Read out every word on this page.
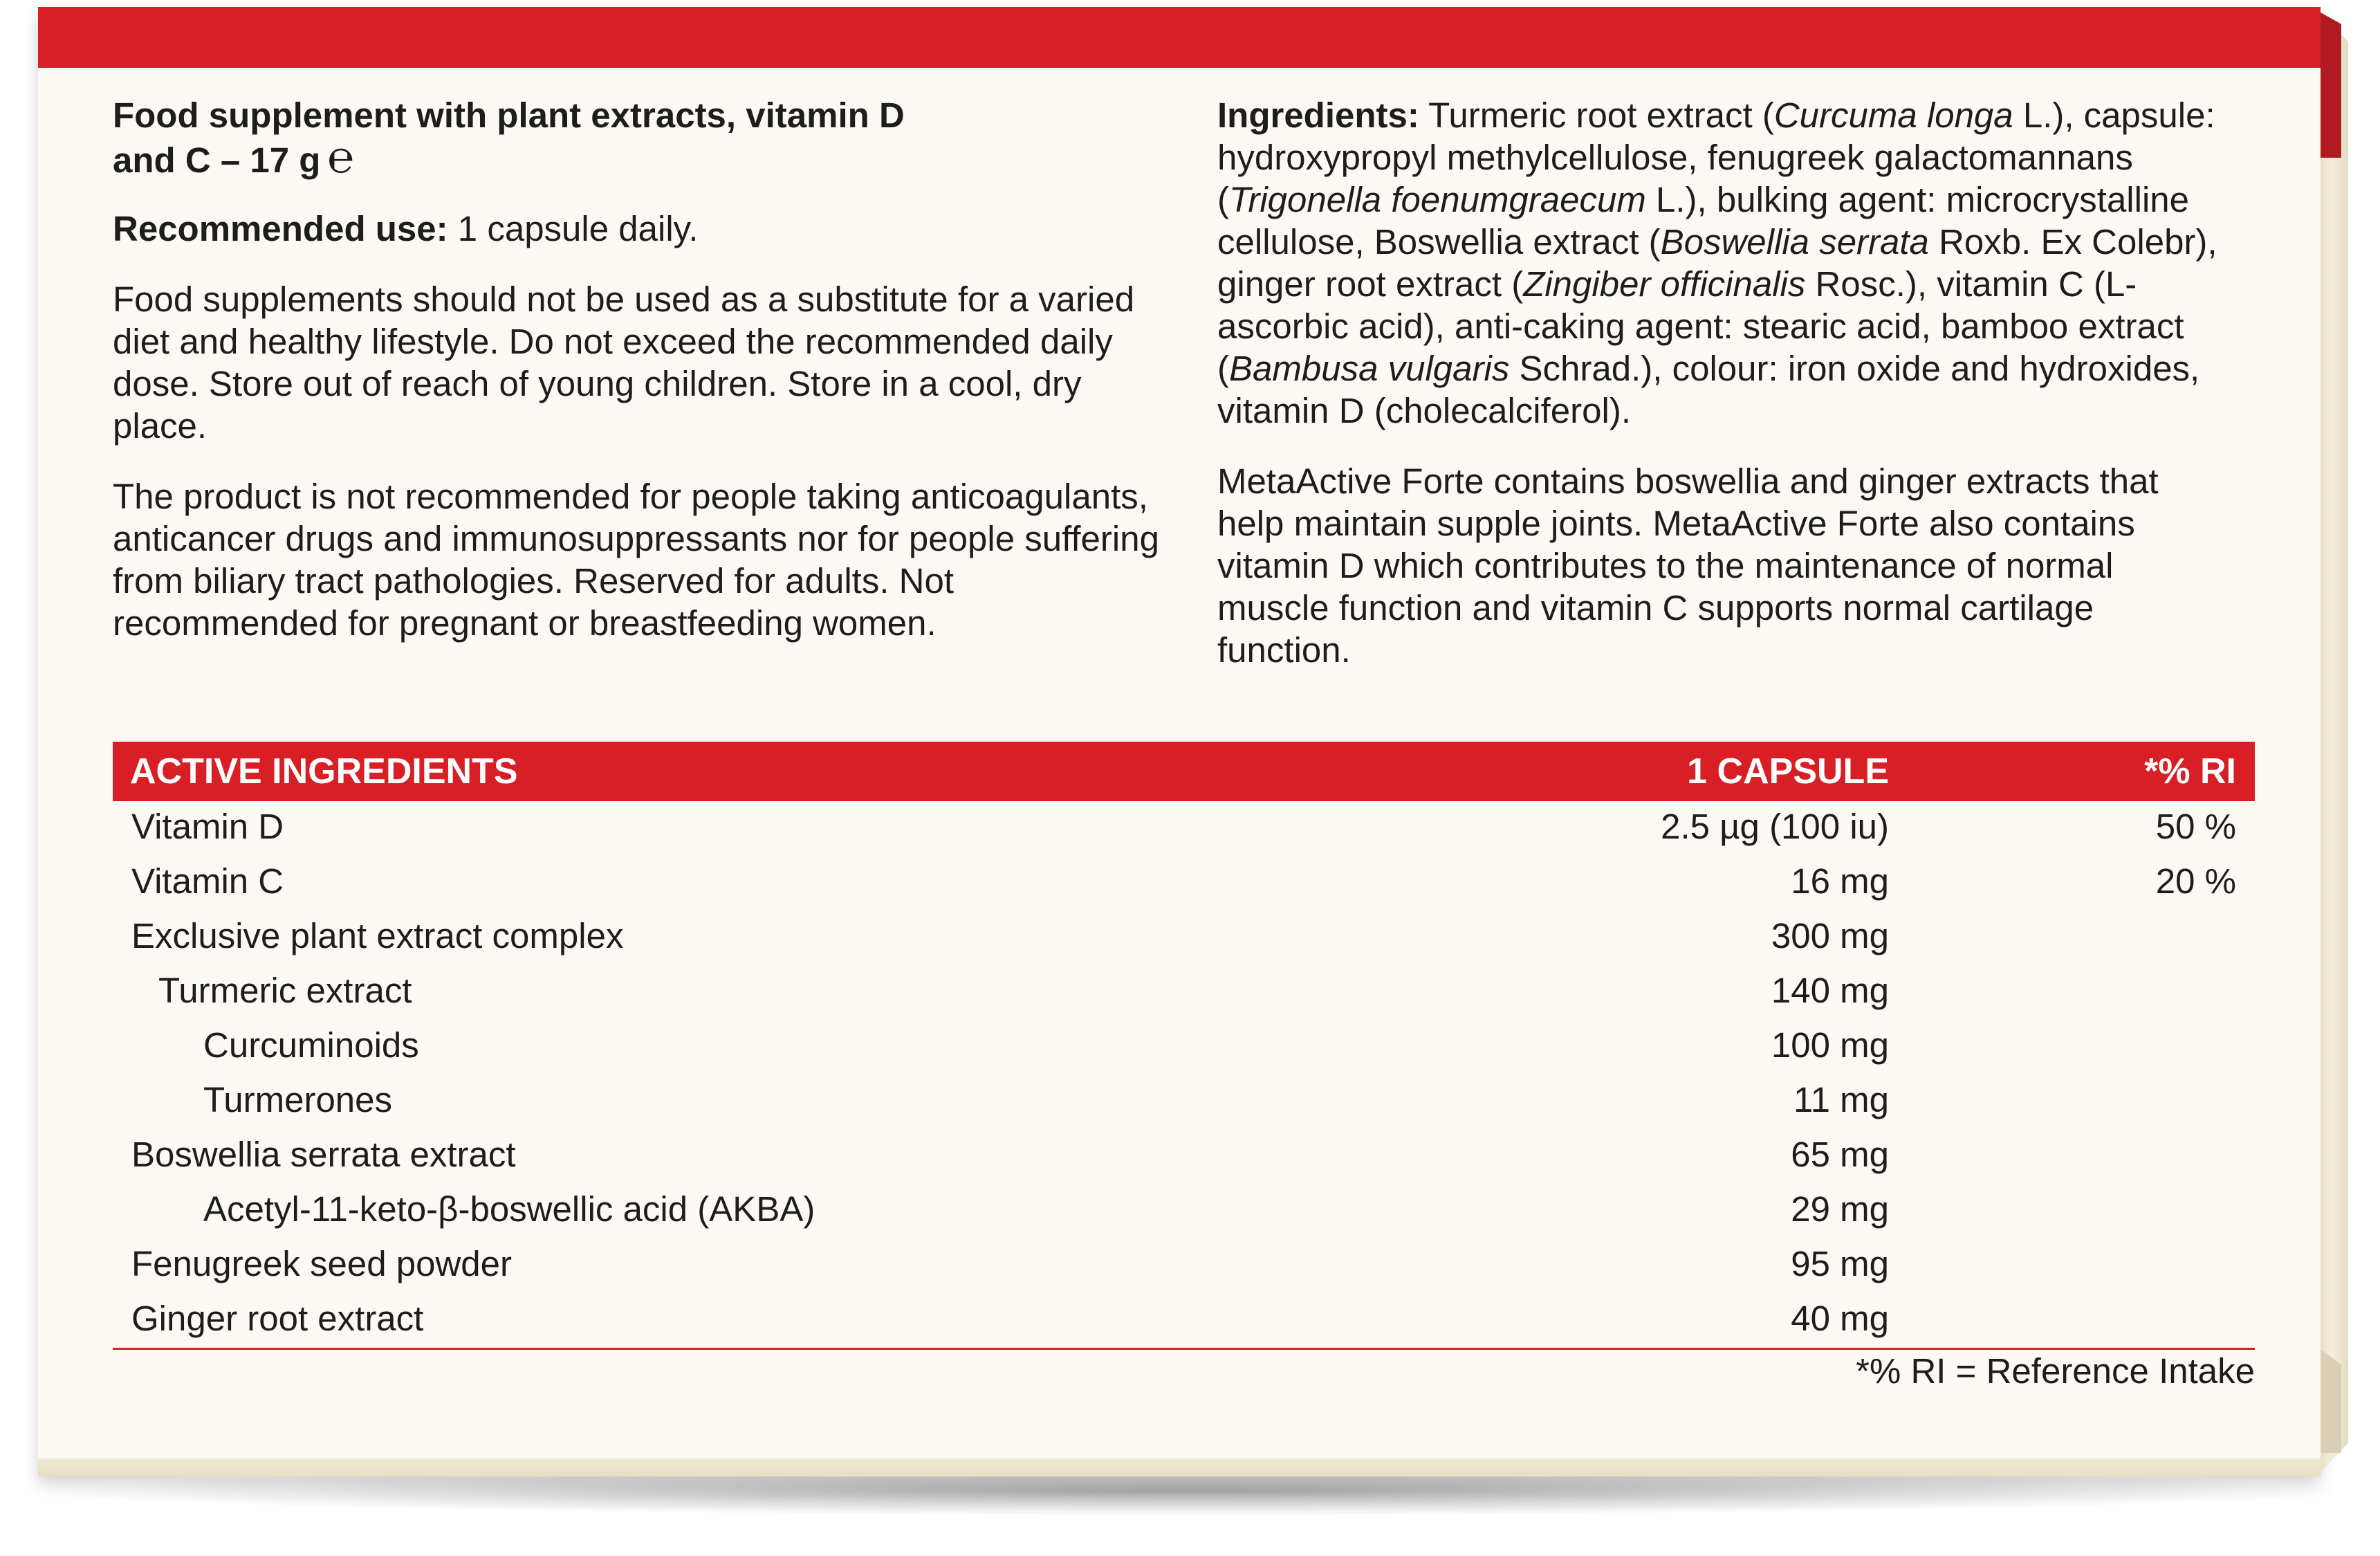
Food supplement with plant extracts, vitamin D
and C – 17 g ℮

Recommended use: 1 capsule daily.

Food supplements should not be used as a substitute for a varied diet and healthy lifestyle. Do not exceed the recommended daily dose. Store out of reach of young children. Store in a cool, dry place.

The product is not recommended for people taking anticoagulants, anticancer drugs and immunosuppressants nor for people suffering from biliary tract pathologies. Reserved for adults. Not recommended for pregnant or breastfeeding women.

Ingredients: Turmeric root extract (Curcuma longa L.), capsule: hydroxypropyl methylcellulose, fenugreek galactomannans (Trigonella foenumgraecum L.), bulking agent: microcrystalline cellulose, Boswellia extract (Boswellia serrata Roxb. Ex Colebr), ginger root extract (Zingiber officinalis Rosc.), vitamin C (L-ascorbic acid), anti-caking agent: stearic acid, bamboo extract (Bambusa vulgaris Schrad.), colour: iron oxide and hydroxides, vitamin D (cholecalciferol).

MetaActive Forte contains boswellia and ginger extracts that help maintain supple joints. MetaActive Forte also contains vitamin D which contributes to the maintenance of normal muscle function and vitamin C supports normal cartilage function.

ACTIVE INGREDIENTS	1 CAPSULE	*% RI
Vitamin D	2.5 µg (100 iu)	50 %
Vitamin C	16 mg	20 %
Exclusive plant extract complex	300 mg
Turmeric extract	140 mg
Curcuminoids	100 mg
Turmerones	11 mg
Boswellia serrata extract	65 mg
Acetyl-11-keto-β-boswellic acid (AKBA)	29 mg
Fenugreek seed powder	95 mg
Ginger root extract	40 mg
*% RI = Reference Intake
